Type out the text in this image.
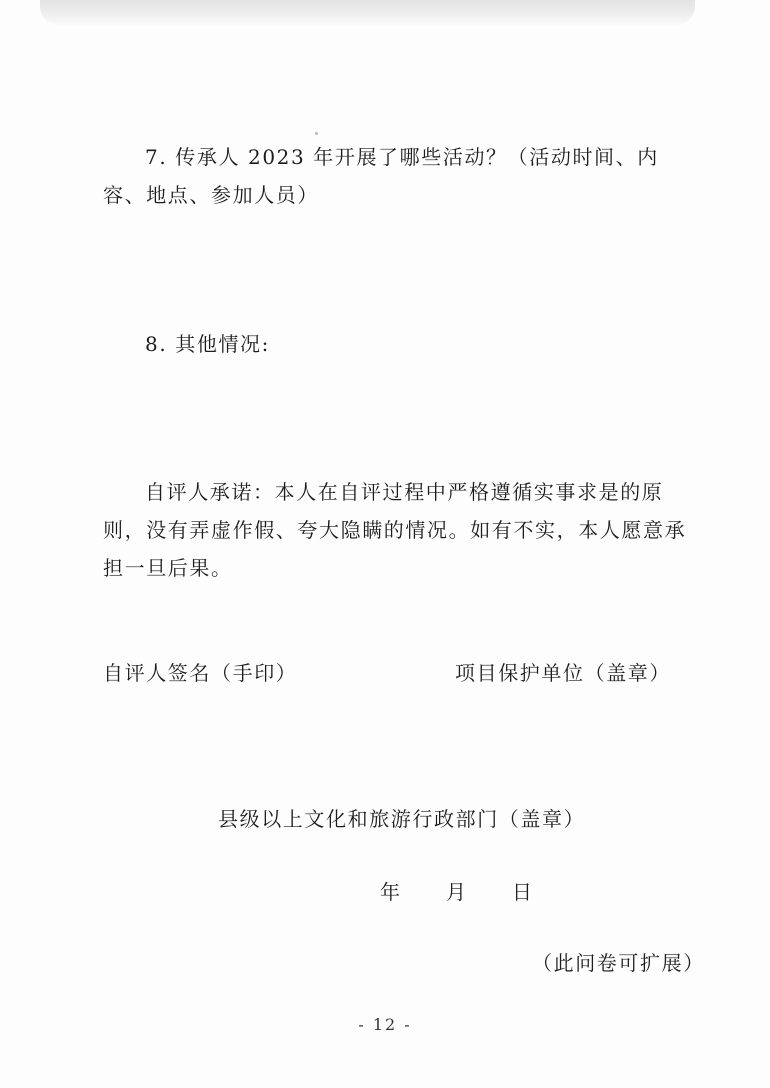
7. 传承人 2023 年开展了哪些活动？（活动时间、内容、地点、参加人员）

8. 其他情况:

自评人承诺：本人在自评过程中严格遵循实事求是的原则，没有弄虚作假、夸大隐瞒的情况。如有不实，本人愿意承担一旦后果。

自评人签名（手印）	项目保护单位（盖章）

县级以上文化和旅游行政部门（盖章）

年 月 日

（此问卷可扩展）

- 12 -
